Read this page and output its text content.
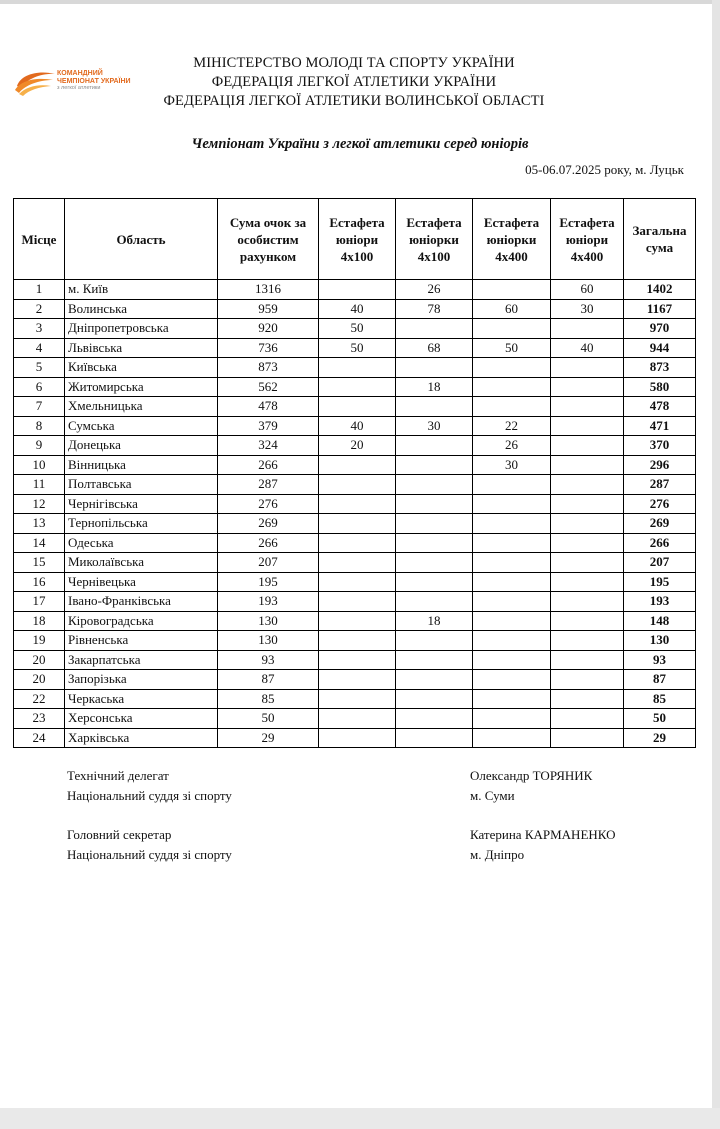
КОМАНДНИЙ
ЧЕМПІОНАТ УКРАЇНИ
з легкої атлетики
МІНІСТЕРСТВО МОЛОДІ ТА СПОРТУ УКРАЇНИ
ФЕДЕРАЦІЯ ЛЕГКОЇ АТЛЕТИКИ УКРАЇНИ
ФЕДЕРАЦІЯ ЛЕГКОЇ АТЛЕТИКИ ВОЛИНСЬКОЇ ОБЛАСТІ
Чемпіонат України з легкої атлетики серед юніорів
05-06.07.2025 року, м. Луцьк
Місце	Область	Сума очок за особистим рахунком	Естафета юніори 4х100	Естафета юніорки 4х100	Естафета юніорки 4х400	Естафета юніори 4х400	Загальна сума
1	м. Київ	1316		26		60	1402
2	Волинська	959	40	78	60	30	1167
3	Дніпропетровська	920	50				970
4	Львівська	736	50	68	50	40	944
5	Київська	873					873
6	Житомирська	562		18			580
7	Хмельницька	478					478
8	Сумська	379	40	30	22		471
9	Донецька	324	20		26		370
10	Вінницька	266			30		296
11	Полтавська	287					287
12	Чернігівська	276					276
13	Тернопільська	269					269
14	Одеська	266					266
15	Миколаївська	207					207
16	Чернівецька	195					195
17	Івано-Франківська	193					193
18	Кіровоградська	130		18			148
19	Рівненська	130					130
20	Закарпатська	93					93
20	Запорізька	87					87
22	Черкаська	85					85
23	Херсонська	50					50
24	Харківська	29					29
Технічний делегат
Національний суддя зі спорту
Олександр ТОРЯНИК
м. Суми
Головний секретар
Національний суддя зі спорту
Катерина КАРМАНЕНКО
м. Дніпро
